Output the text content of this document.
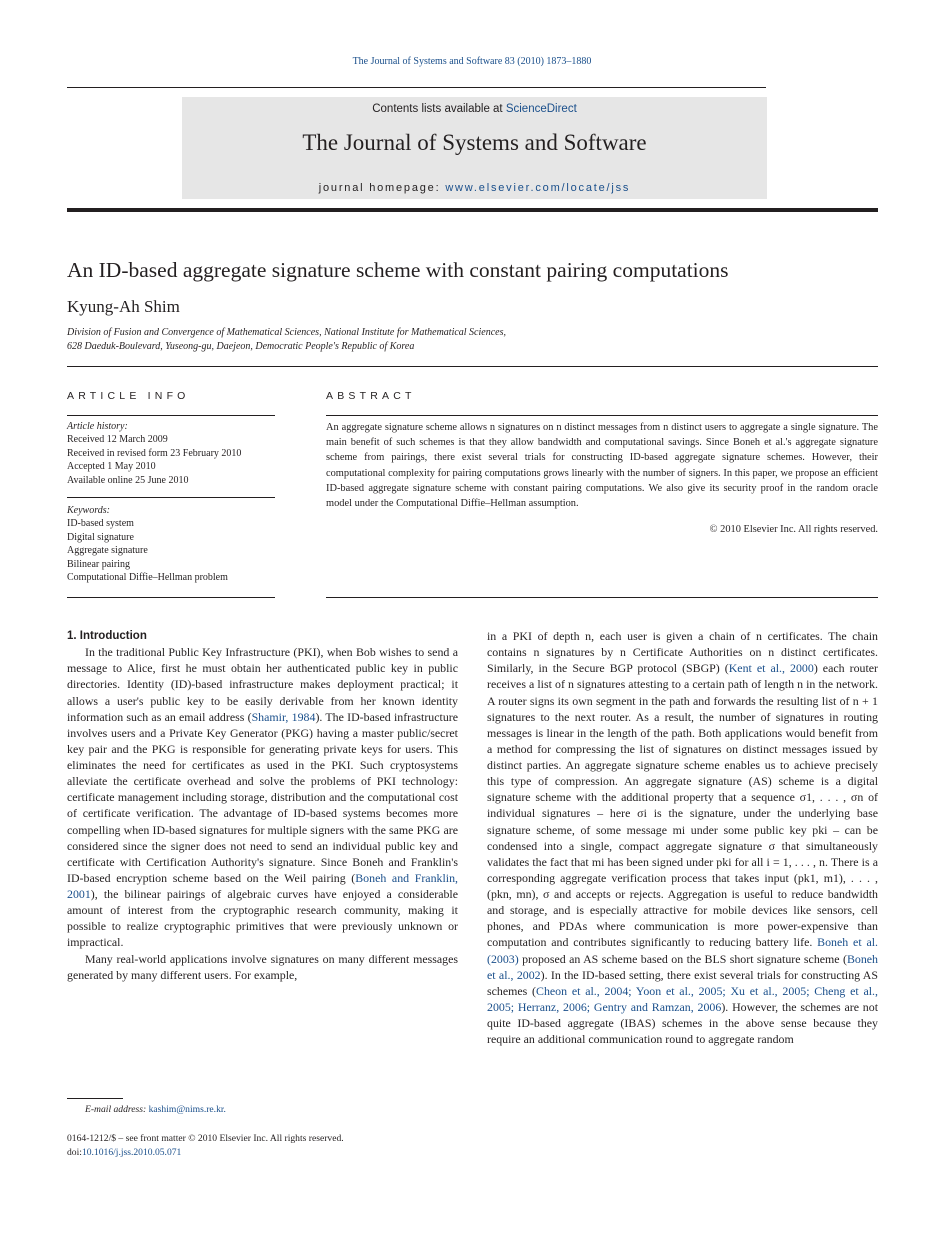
The Journal of Systems and Software 83 (2010) 1873–1880
Contents lists available at ScienceDirect
The Journal of Systems and Software
journal homepage: www.elsevier.com/locate/jss
An ID-based aggregate signature scheme with constant pairing computations
Kyung-Ah Shim
Division of Fusion and Convergence of Mathematical Sciences, National Institute for Mathematical Sciences,
628 Daeduk-Boulevard, Yuseong-gu, Daejeon, Democratic People's Republic of Korea
ARTICLE INFO
Article history:
Received 12 March 2009
Received in revised form 23 February 2010
Accepted 1 May 2010
Available online 25 June 2010
Keywords:
ID-based system
Digital signature
Aggregate signature
Bilinear pairing
Computational Diffie–Hellman problem
ABSTRACT
An aggregate signature scheme allows n signatures on n distinct messages from n distinct users to aggregate a single signature. The main benefit of such schemes is that they allow bandwidth and computational savings. Since Boneh et al.'s aggregate signature scheme from pairings, there exist several trials for constructing ID-based aggregate signature schemes. However, their computational complexity for pairing computations grows linearly with the number of signers. In this paper, we propose an efficient ID-based aggregate signature scheme with constant pairing computations. We also give its security proof in the random oracle model under the Computational Diffie–Hellman assumption.
© 2010 Elsevier Inc. All rights reserved.

1. Introduction

In the traditional Public Key Infrastructure (PKI), when Bob wishes to send a message to Alice, first he must obtain her authenticated public key in public directories. Identity (ID)-based infrastructure makes deployment practical; it allows a user's public key to be easily derivable from her known identity information such as an email address (Shamir, 1984). The ID-based infrastructure involves users and a Private Key Generator (PKG) having a master public/secret key pair and the PKG is responsible for generating private keys for users. This eliminates the need for certificates as used in the PKI. Such cryptosystems alleviate the certificate overhead and solve the problems of PKI technology: certificate management including storage, distribution and the computational cost of certificate verification. The advantage of ID-based systems becomes more compelling when ID-based signatures for multiple signers with the same PKG are considered since the signer does not need to send an individual public key and certificate with Certification Authority's signature. Since Boneh and Franklin's ID-based encryption scheme based on the Weil pairing (Boneh and Franklin, 2001), the bilinear pairings of algebraic curves have enjoyed a considerable amount of interest from the cryptographic research community, making it possible to realize cryptographic primitives that were previously unknown or impractical.

Many real-world applications involve signatures on many different messages generated by many different users. For example,

in a PKI of depth n, each user is given a chain of n certificates. The chain contains n signatures by n Certificate Authorities on n distinct certificates. Similarly, in the Secure BGP protocol (SBGP) (Kent et al., 2000) each router receives a list of n signatures attesting to a certain path of length n in the network. A router signs its own segment in the path and forwards the resulting list of n + 1 signatures to the next router. As a result, the number of signatures in routing messages is linear in the length of the path. Both applications would benefit from a method for compressing the list of signatures on distinct messages issued by distinct parties. An aggregate signature scheme enables us to achieve precisely this type of compression. An aggregate signature (AS) scheme is a digital signature scheme with the additional property that a sequence σ1, . . . , σn of individual signatures – here σi is the signature, under the underlying base signature scheme, of some message mi under some public key pki – can be condensed into a single, compact aggregate signature σ that simultaneously validates the fact that mi has been signed under pki for all i = 1, . . . , n. There is a corresponding aggregate verification process that takes input (pk1, m1), . . . , (pkn, mn), σ and accepts or rejects. Aggregation is useful to reduce bandwidth and storage, and is especially attractive for mobile devices like sensors, cell phones, and PDAs where communication is more power-expensive than computation and contributes significantly to reducing battery life. Boneh et al. (2003) proposed an AS scheme based on the BLS short signature scheme (Boneh et al., 2002). In the ID-based setting, there exist several trials for constructing AS schemes (Cheon et al., 2004; Yoon et al., 2005; Xu et al., 2005; Cheng et al., 2005; Herranz, 2006; Gentry and Ramzan, 2006). However, the schemes are not quite ID-based aggregate (IBAS) schemes in the above sense because they require an additional communication round to aggregate random

E-mail address: kashim@nims.re.kr.
0164-1212/$ – see front matter © 2010 Elsevier Inc. All rights reserved.
doi:10.1016/j.jss.2010.05.071
